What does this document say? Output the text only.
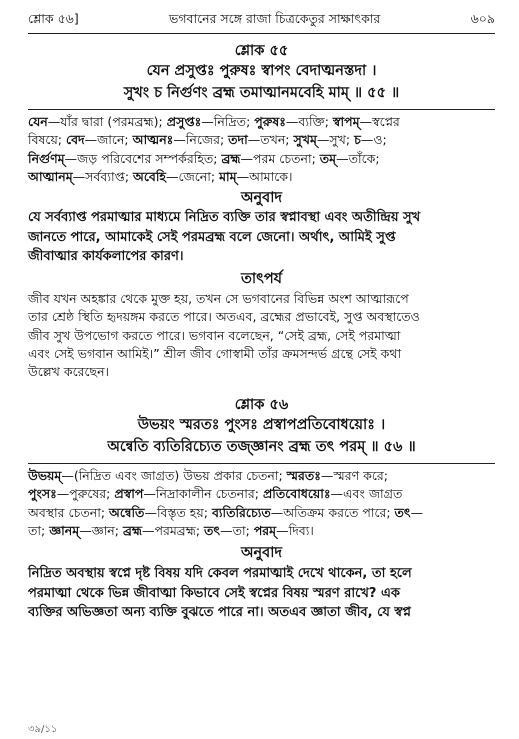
শ্লোক ৫৬]	ভগবানের সঙ্গে রাজা চিত্রকেতুর সাক্ষাৎকার	৬০৯
শ্লোক ৫৫
যেন প্রসুপ্তঃ পুরুষঃ স্বাপং বেদাত্মনস্তদা ।
সুখং চ নির্গুণং ব্রহ্ম তমাত্মানমবেহি মাম্ ॥ ৫৫ ॥
যেন—যাঁর দ্বারা (পরমব্রহ্ম); প্রসুপ্তঃ—নিদ্রিত; পুরুষঃ—ব্যক্তি; স্বাপম্—স্বপ্নের
বিষয়ে; বেদ—জানে; আত্মনঃ—নিজের; তদা—তখন; সুখম্—সুখ; চ—ও;
নির্গুণম্—জড় পরিবেশের সম্পর্করহিত; ব্রহ্ম—পরম চেতনা; তম্—তাঁকে;
আত্মানম্—সর্বব্যাপ্ত; অবেহি—জেনো; মাম্—আমাকে।
অনুবাদ
যে সর্বব্যাপ্ত পরমাত্মার মাধ্যমে নিদ্রিত ব্যক্তি তার স্বপ্নাবস্থা এবং অতীন্দ্রিয় সুখ
জানতে পারে, আমাকেই সেই পরমব্রহ্ম বলে জেনো। অর্থাৎ, আমিই সুপ্ত
জীবাত্মার কার্যকলাপের কারণ।
তাৎপর্য
জীব যখন অহঙ্কার থেকে মুক্ত হয়, তখন সে ভগবানের বিভিন্ন অংশ আত্মারূপে
তার শ্রেষ্ঠ স্থিতি হৃদয়ঙ্গম করতে পারে। অতএব, ব্রহ্মের প্রভাবেই, সুপ্ত অবস্থাতেও
জীব সুখ উপভোগ করতে পারে। ভগবান বলেছেন, “সেই ব্রহ্ম, সেই পরমাত্মা
এবং সেই ভগবান আমিই।” শ্রীল জীব গোস্বামী তাঁর ক্রমসন্দর্ভ গ্রন্থে সেই কথা
উল্লেখ করেছেন।
শ্লোক ৫৬
উভয়ং স্মরতঃ পুংসঃ প্রস্বাপপ্রতিবোধয়োঃ ।
অন্বেতি ব্যতিরিচ্যেত তজ্জ্ঞানং ব্রহ্ম তৎ পরম্ ॥ ৫৬ ॥
উভয়ম্—(নিদ্রিত এবং জাগ্রত) উভয় প্রকার চেতনা; স্মরতঃ—স্মরণ করে;
পুংসঃ—পুরুষের; প্রস্বাপ—নিদ্রাকালীন চেতনার; প্রতিবোধয়োঃ—এবং জাগ্রত
অবস্থার চেতনা; অন্বেতি—বিস্তৃত হয়; ব্যতিরিচ্যেত—অতিক্রম করতে পারে; তৎ—
তা; জ্ঞানম্—জ্ঞান; ব্রহ্ম—পরমব্রহ্ম; তৎ—তা; পরম্—দিব্য।
অনুবাদ
নিদ্রিত অবস্থায় স্বপ্নে দৃষ্ট বিষয় যদি কেবল পরমাত্মাই দেখে থাকেন, তা হলে
পরমাত্মা থেকে ভিন্ন জীবাত্মা কিভাবে সেই স্বপ্নের বিষয় স্মরণ রাখে? এক
ব্যক্তির অভিজ্ঞতা অন্য ব্যক্তি বুঝতে পারে না। অতএব জ্ঞাতা জীব, যে স্বপ্ন
৩৯/১১
